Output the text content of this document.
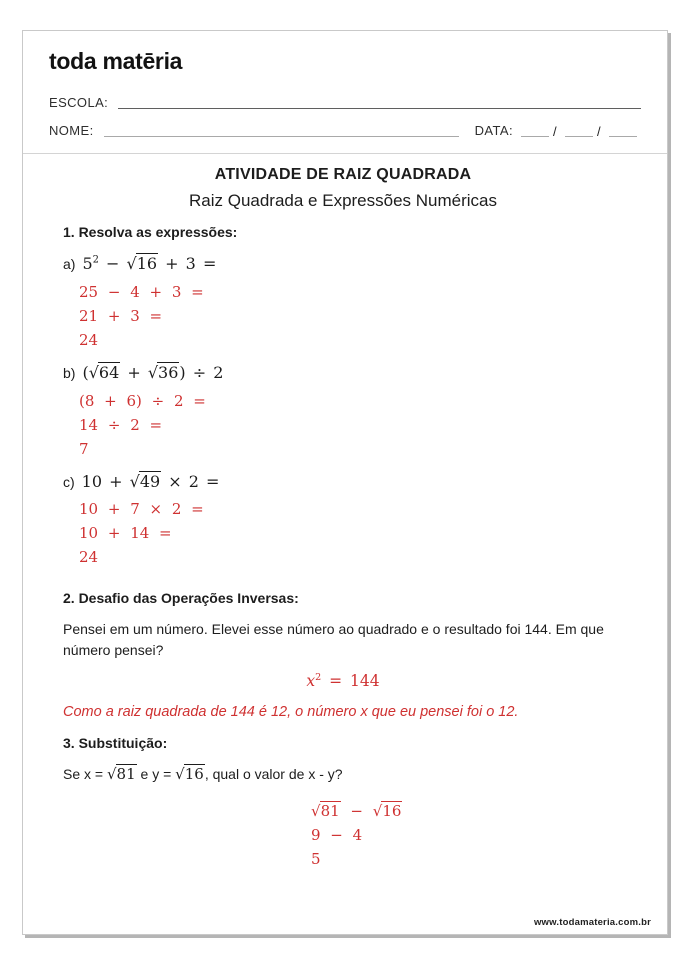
toda matēria
ESCOLA:
NOME:	DATA:	/	/
ATIVIDADE DE RAIZ QUADRADA
Raiz Quadrada e Expressões Numéricas
1. Resolva as expressões:
a) $5^2 - √16 + 3$ =
25 − 4 + 3 =
21 + 3 =
24
b) (√64 + √36) ÷ 2
(8 + 6) ÷ 2 =
14 ÷ 2 =
7
c) 10 + √49 × 2 =
10 + 7 × 2 =
10 + 14 =
24
2. Desafio das Operações Inversas:

Pensei em um número. Elevei esse número ao quadrado e o resultado foi 144. Em que número pensei?

$x^2 = 144$
Como a raiz quadrada de 144 é 12, o número x que eu pensei foi o 12.
3. Substituição:

Se x = √81 e y = √16, qual o valor de x - y?

√81 − √16
9 − 4
5
www.todamateria.com.br
